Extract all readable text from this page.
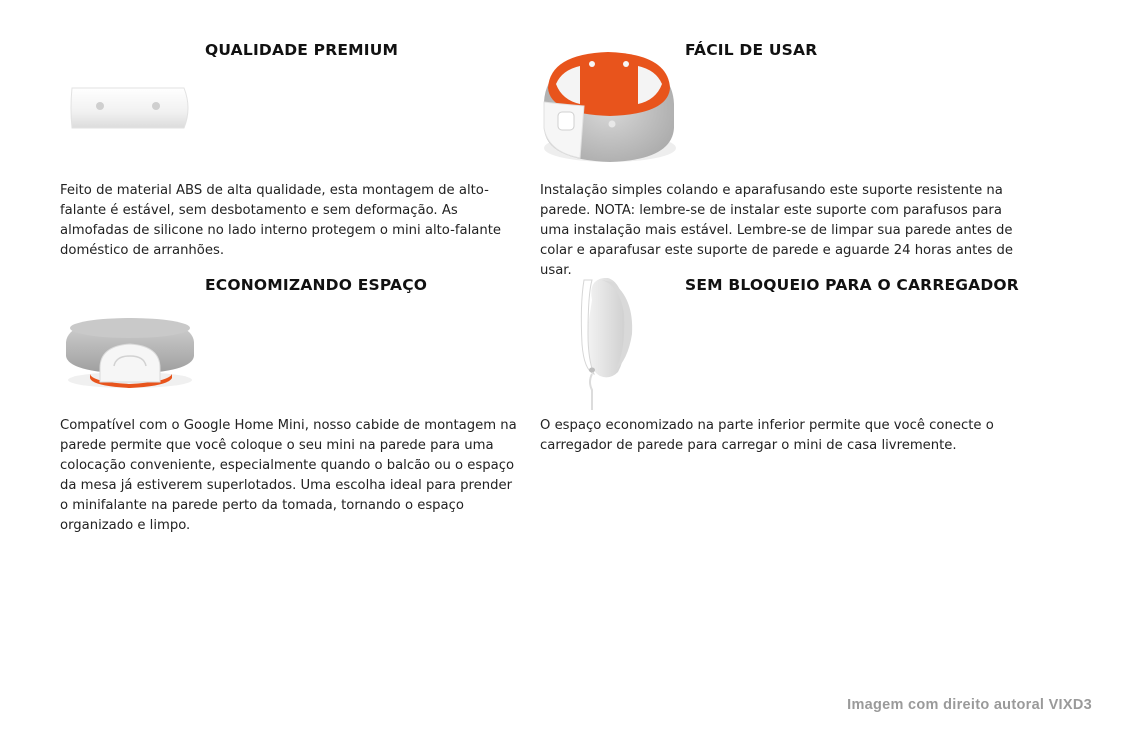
QUALIDADE PREMIUM

Feito de material ABS de alta qualidade, esta montagem de alto-falante é estável, sem desbotamento e sem deformação. As almofadas de silicone no lado interno protegem o mini alto-falante doméstico de arranhões.

FÁCIL DE USAR

Instalação simples colando e aparafusando este suporte resistente na parede. NOTA: lembre-se de instalar este suporte com parafusos para uma instalação mais estável. Lembre-se de limpar sua parede antes de colar e aparafusar este suporte de parede e aguarde 24 horas antes de usar.

ECONOMIZANDO ESPAÇO

Compatível com o Google Home Mini, nosso cabide de montagem na parede permite que você coloque o seu mini na parede para uma colocação conveniente, especialmente quando o balcão ou o espaço da mesa já estiverem superlotados. Uma escolha ideal para prender o minifalante na parede perto da tomada, tornando o espaço organizado e limpo.

SEM BLOQUEIO PARA O CARREGADOR

O espaço economizado na parte inferior permite que você conecte o carregador de parede para carregar o mini de casa livremente.

Imagem com direito autoral VIXD3
